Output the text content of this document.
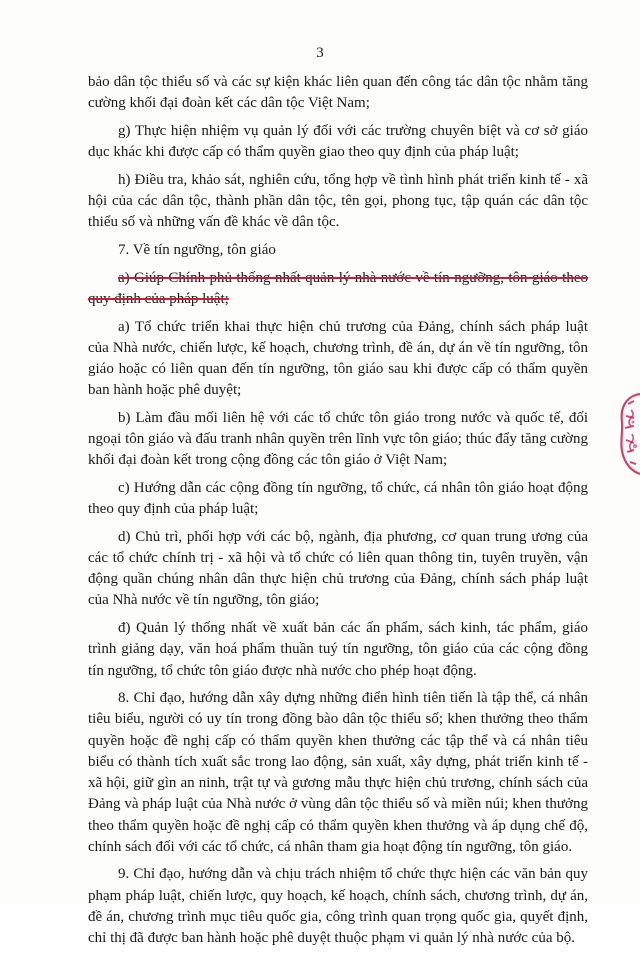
3

bảo dân tộc thiểu số và các sự kiện khác liên quan đến công tác dân tộc nhằm tăng cường khối đại đoàn kết các dân tộc Việt Nam;

g) Thực hiện nhiệm vụ quản lý đối với các trường chuyên biệt và cơ sở giáo dục khác khi được cấp có thẩm quyền giao theo quy định của pháp luật;

h) Điều tra, khảo sát, nghiên cứu, tổng hợp về tình hình phát triển kinh tế - xã hội của các dân tộc, thành phần dân tộc, tên gọi, phong tục, tập quán các dân tộc thiểu số và những vấn đề khác về dân tộc.

7. Về tín ngưỡng, tôn giáo

a) Giúp Chính phủ thống nhất quản lý nhà nước về tín ngưỡng, tôn giáo theo quy định của pháp luật;

a) Tổ chức triển khai thực hiện chủ trương của Đảng, chính sách pháp luật của Nhà nước, chiến lược, kế hoạch, chương trình, đề án, dự án về tín ngưỡng, tôn giáo hoặc có liên quan đến tín ngưỡng, tôn giáo sau khi được cấp có thẩm quyền ban hành hoặc phê duyệt;

b) Làm đầu mối liên hệ với các tổ chức tôn giáo trong nước và quốc tế, đối ngoại tôn giáo và đấu tranh nhân quyền trên lĩnh vực tôn giáo; thúc đẩy tăng cường khối đại đoàn kết trong cộng đồng các tôn giáo ở Việt Nam;

c) Hướng dẫn các cộng đồng tín ngưỡng, tổ chức, cá nhân tôn giáo hoạt động theo quy định của pháp luật;

d) Chủ trì, phối hợp với các bộ, ngành, địa phương, cơ quan trung ương của các tổ chức chính trị - xã hội và tổ chức có liên quan thông tin, tuyên truyền, vận động quần chúng nhân dân thực hiện chủ trương của Đảng, chính sách pháp luật của Nhà nước về tín ngưỡng, tôn giáo;

đ) Quản lý thống nhất về xuất bản các ấn phẩm, sách kinh, tác phẩm, giáo trình giảng dạy, văn hoá phẩm thuần tuý tín ngưỡng, tôn giáo của các cộng đồng tín ngưỡng, tổ chức tôn giáo được nhà nước cho phép hoạt động.

8. Chỉ đạo, hướng dẫn xây dựng những điển hình tiên tiến là tập thể, cá nhân tiêu biểu, người có uy tín trong đồng bào dân tộc thiểu số; khen thưởng theo thẩm quyền hoặc đề nghị cấp có thẩm quyền khen thưởng các tập thể và cá nhân tiêu biểu có thành tích xuất sắc trong lao động, sản xuất, xây dựng, phát triển kinh tế - xã hội, giữ gìn an ninh, trật tự và gương mẫu thực hiện chủ trương, chính sách của Đảng và pháp luật của Nhà nước ở vùng dân tộc thiểu số và miền núi; khen thưởng theo thẩm quyền hoặc đề nghị cấp có thẩm quyền khen thưởng và áp dụng chế độ, chính sách đối với các tổ chức, cá nhân tham gia hoạt động tín ngưỡng, tôn giáo.

9. Chỉ đạo, hướng dẫn và chịu trách nhiệm tổ chức thực hiện các văn bản quy phạm pháp luật, chiến lược, quy hoạch, kế hoạch, chính sách, chương trình, dự án, đề án, chương trình mục tiêu quốc gia, công trình quan trọng quốc gia, quyết định, chỉ thị đã được ban hành hoặc phê duyệt thuộc phạm vi quản lý nhà nước của bộ.
